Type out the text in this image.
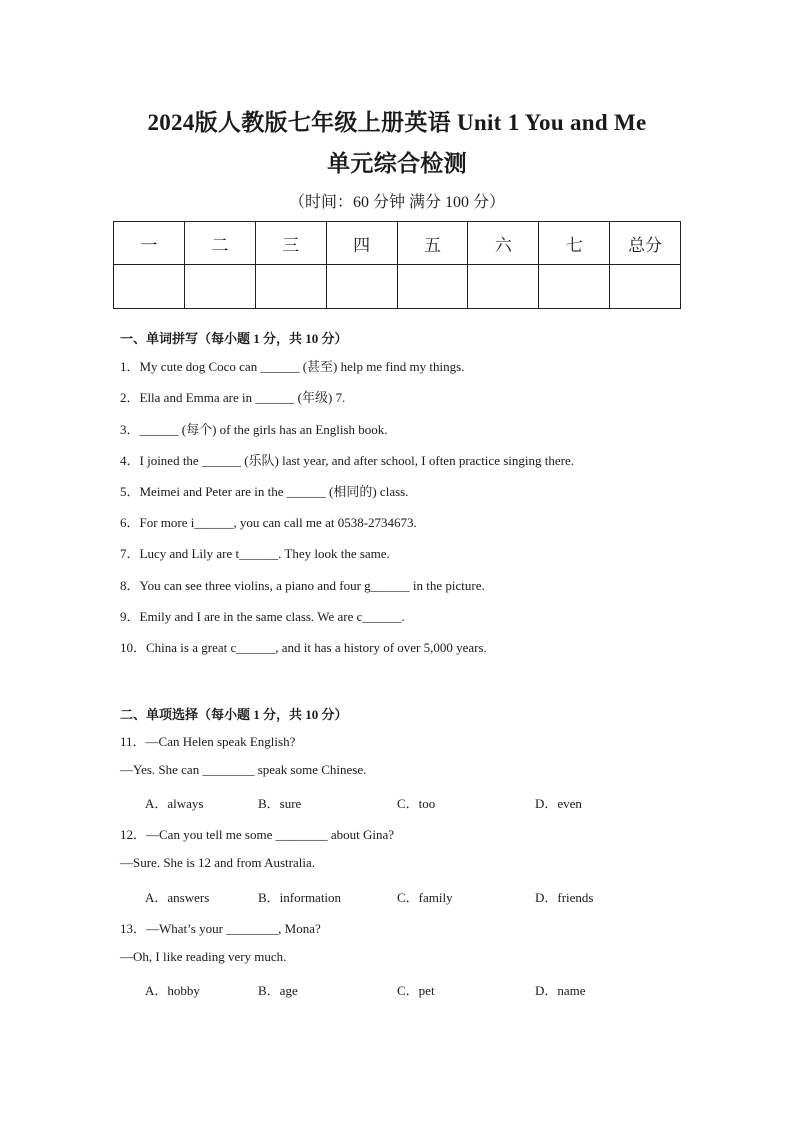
2024版人教版七年级上册英语 Unit 1 You and Me
单元综合检测
（时间：60 分钟 满分 100 分）
一	二	三	四	五	六	七	总分

一、单词拼写（每小题 1 分，共 10 分）
1．My cute dog Coco can ______ (甚至) help me find my things.
2．Ella and Emma are in ______ (年级) 7.
3．______ (每个) of the girls has an English book.
4．I joined the ______ (乐队) last year, and after school, I often practice singing there.
5．Meimei and Peter are in the ______ (相同的) class.
6．For more i______, you can call me at 0538-2734673.
7．Lucy and Lily are t______. They look the same.
8．You can see three violins, a piano and four g______ in the picture.
9．Emily and I are in the same class. We are c______.
10．China is a great c______, and it has a history of over 5,000 years.
二、单项选择（每小题 1 分，共 10 分）
11．—Can Helen speak English?
—Yes. She can ________ speak some Chinese.
A．always	B．sure	C．too	D．even
12．—Can you tell me some ________ about Gina?
—Sure. She is 12 and from Australia.
A．answers	B．information	C．family	D．friends
13．—What’s your ________, Mona?
—Oh, I like reading very much.
A．hobby	B．age	C．pet	D．name
